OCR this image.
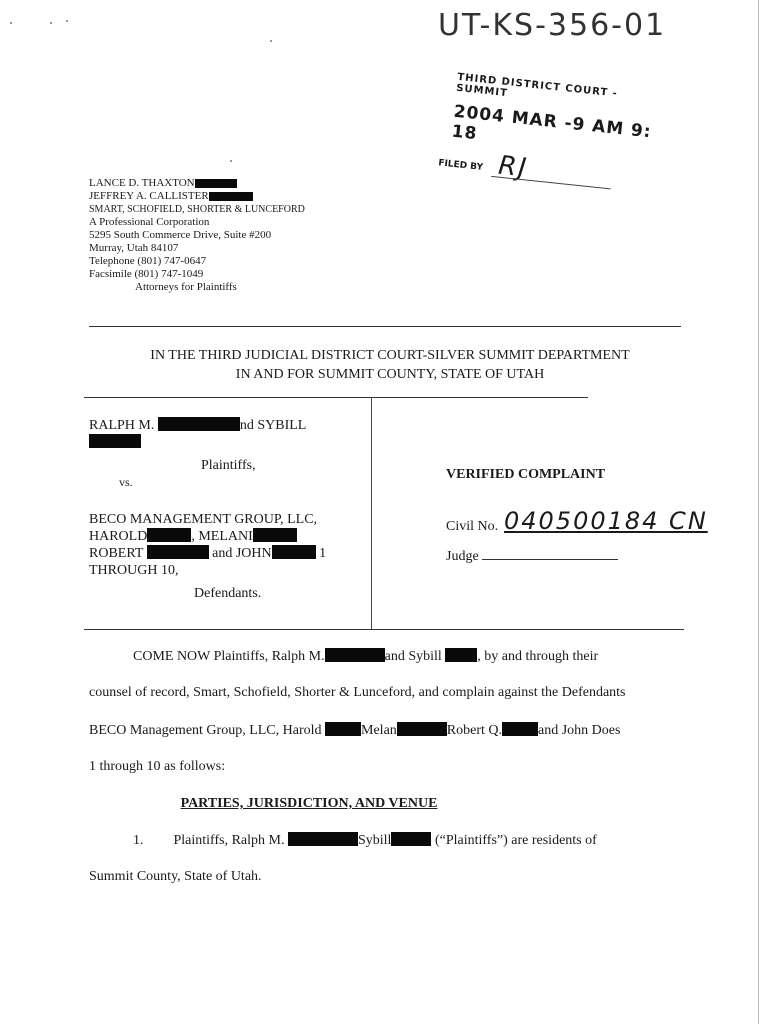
UT-KS-356-01
THIRD DISTRICT COURT - SUMMIT
2004 MAR -9 AM 9: 18
FILED BY RJ
LANCE D. THAXTON
JEFFREY A. CALLISTER
SMART, SCHOFIELD, SHORTER & LUNCEFORD
A Professional Corporation
5295 South Commerce Drive, Suite #200
Murray, Utah 84107
Telephone (801) 747-0647
Facsimile (801) 747-1049
Attorneys for Plaintiffs
IN THE THIRD JUDICIAL DISTRICT COURT-SILVER SUMMIT DEPARTMENT
IN AND FOR SUMMIT COUNTY, STATE OF UTAH
RALPH M.	nd SYBILL
Plaintiffs,
vs.
BECO MANAGEMENT GROUP, LLC,
HAROLD	, MELANI
ROBERT	and JOHN	1
THROUGH 10,
Defendants.
VERIFIED COMPLAINT
Civil No. 040500184 CN
Judge
COME NOW Plaintiffs, Ralph M.	and Sybill	, by and through their
counsel of record, Smart, Schofield, Shorter & Lunceford, and complain against the Defendants
BECO Management Group, LLC, Harold	Melan	Robert Q.	and John Does
1 through 10 as follows:
PARTIES, JURISDICTION, AND VENUE
1. Plaintiffs, Ralph M.	Sybill	(“Plaintiffs”) are residents of
Summit County, State of Utah.
